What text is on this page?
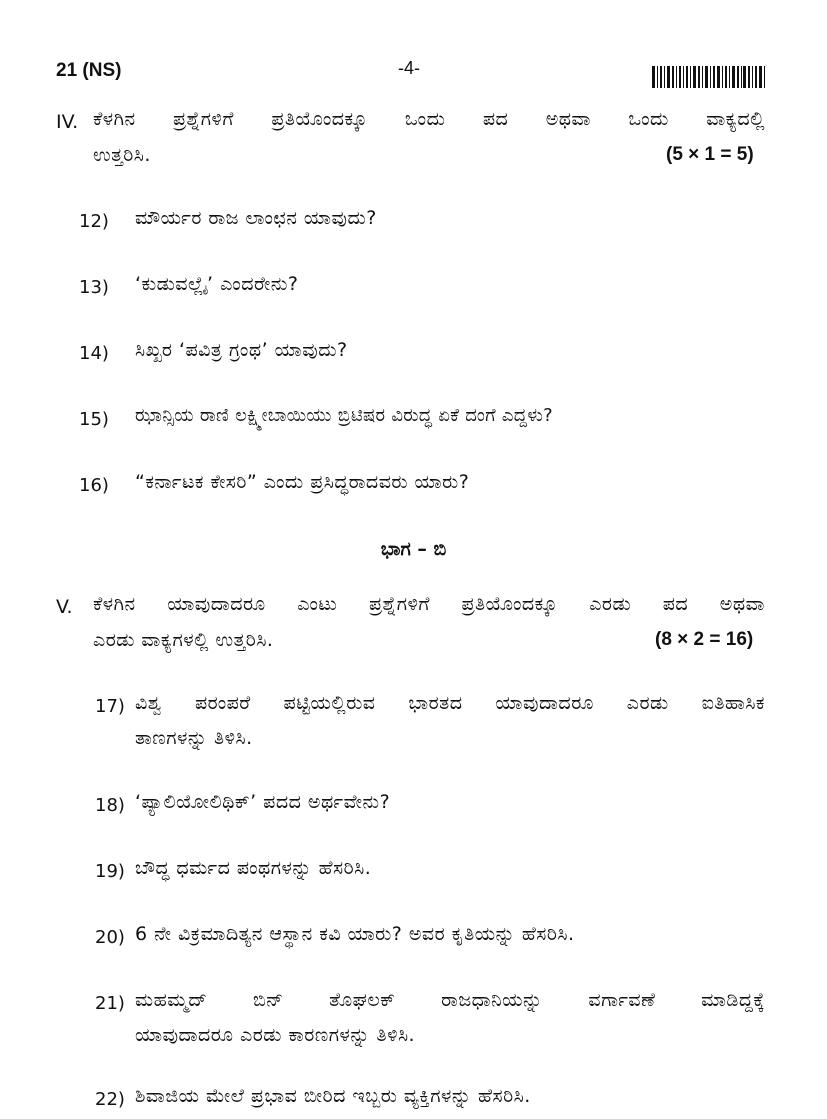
21 (NS)	-4-
IV. ಕೆಳಗಿನ ಪ್ರಶ್ನೆಗಳಿಗೆ ಪ್ರತಿಯೊಂದಕ್ಕೂ ಒಂದು ಪದ ಅಥವಾ ಒಂದು ವಾಕ್ಯದಲ್ಲಿ
ಉತ್ತರಿಸಿ.	(5 × 1 = 5)
12) ಮೌರ್ಯರ ರಾಜ ಲಾಂಛನ ಯಾವುದು?
13) ‘ಕುಡುವಲ್ಲೈ’ ಎಂದರೇನು?
14) ಸಿಖ್ಖರ ‘ಪವಿತ್ರ ಗ್ರಂಥ’ ಯಾವುದು?
15) ಝಾನ್ಸಿಯ ರಾಣಿ ಲಕ್ಷ್ಮೀಬಾಯಿಯು ಬ್ರಿಟಿಷರ ವಿರುದ್ಧ ಏಕೆ ದಂಗೆ ಎದ್ದಳು?
16) “ಕರ್ನಾಟಕ ಕೇಸರಿ” ಎಂದು ಪ್ರಸಿದ್ಧರಾದವರು ಯಾರು?
ಭಾಗ – ಬಿ
V. ಕೆಳಗಿನ ಯಾವುದಾದರೂ ಎಂಟು ಪ್ರಶ್ನೆಗಳಿಗೆ ಪ್ರತಿಯೊಂದಕ್ಕೂ ಎರಡು ಪದ ಅಥವಾ
ಎರಡು ವಾಕ್ಯಗಳಲ್ಲಿ ಉತ್ತರಿಸಿ.	(8 × 2 = 16)
17) ವಿಶ್ವ ಪರಂಪರೆ ಪಟ್ಟಿಯಲ್ಲಿರುವ ಭಾರತದ ಯಾವುದಾದರೂ ಎರಡು ಐತಿಹಾಸಿಕ
ತಾಣಗಳನ್ನು ತಿಳಿಸಿ.
18) ‘ಪ್ಯಾಲಿಯೋಲಿಥಿಕ್’ ಪದದ ಅರ್ಥವೇನು?
19) ಬೌದ್ಧ ಧರ್ಮದ ಪಂಥಗಳನ್ನು ಹೆಸರಿಸಿ.
20) 6 ನೇ ವಿಕ್ರಮಾದಿತ್ಯನ ಆಸ್ಥಾನ ಕವಿ ಯಾರು? ಅವರ ಕೃತಿಯನ್ನು ಹೆಸರಿಸಿ.
21) ಮಹಮ್ಮದ್ ಬಿನ್ ತೊಘಲಕ್ ರಾಜಧಾನಿಯನ್ನು ವರ್ಗಾವಣೆ ಮಾಡಿದ್ದಕ್ಕೆ
ಯಾವುದಾದರೂ ಎರಡು ಕಾರಣಗಳನ್ನು ತಿಳಿಸಿ.
22) ಶಿವಾಜಿಯ ಮೇಲೆ ಪ್ರಭಾವ ಬೀರಿದ ಇಬ್ಬರು ವ್ಯಕ್ತಿಗಳನ್ನು ಹೆಸರಿಸಿ.
